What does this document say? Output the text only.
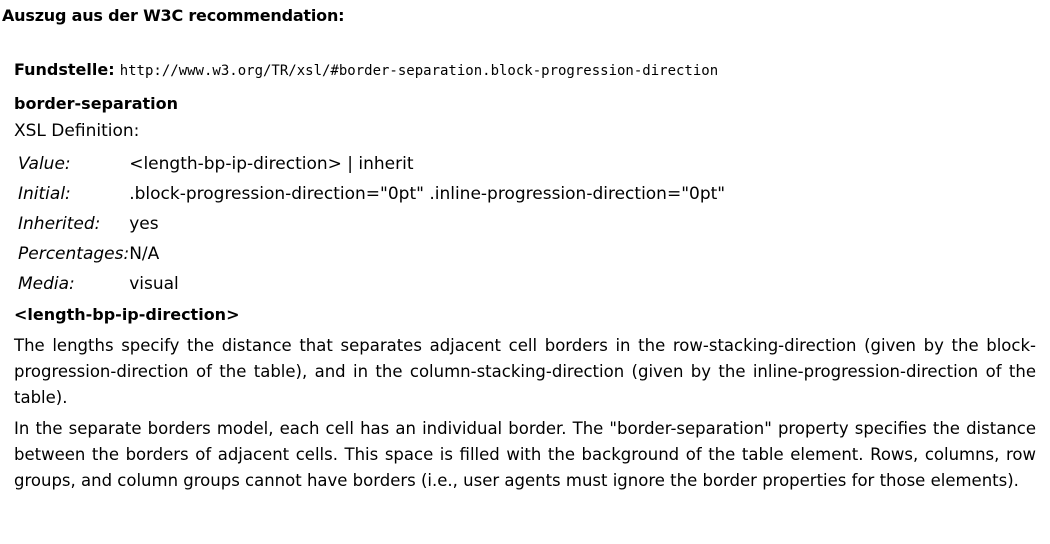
Auszug aus der W3C recommendation:
Fundstelle: http://www.w3.org/TR/xsl/#border-separation.block-progression-direction
border-separation
XSL Definition:
Value:	<length-bp-ip-direction> | inherit
Initial:	.block-progression-direction="0pt" .inline-progression-direction="0pt"
Inherited:	yes
Percentages:	N/A
Media:	visual
<length-bp-ip-direction>

The lengths specify the distance that separates adjacent cell borders in the row-stacking-direction (given by the block-progression-direction of the table), and in the column-stacking-direction (given by the inline-progression-direction of the table).

In the separate borders model, each cell has an individual border. The "border-separation" property specifies the distance between the borders of adjacent cells. This space is filled with the background of the table element. Rows, columns, row groups, and column groups cannot have borders (i.e., user agents must ignore the border properties for those elements).
